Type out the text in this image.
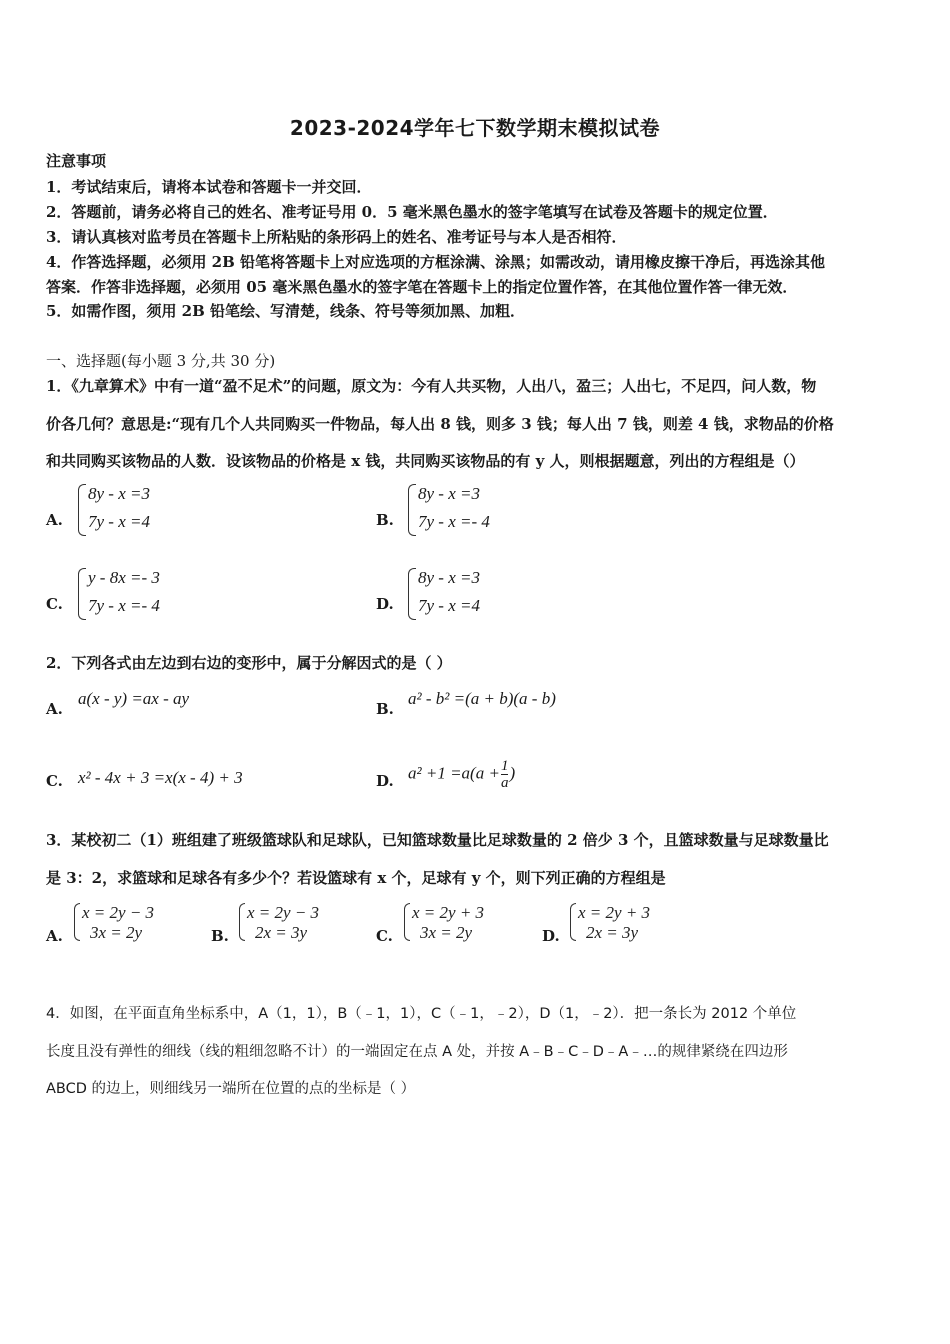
2023-2024学年七下数学期末模拟试卷
注意事项
1．考试结束后，请将本试卷和答题卡一并交回．
2．答题前，请务必将自己的姓名、准考证号用 0．5 毫米黑色墨水的签字笔填写在试卷及答题卡的规定位置．
3．请认真核对监考员在答题卡上所粘贴的条形码上的姓名、准考证号与本人是否相符．
4．作答选择题，必须用 2B 铅笔将答题卡上对应选项的方框涂满、涂黑；如需改动，请用橡皮擦干净后，再选涂其他
答案．作答非选择题，必须用 05 毫米黑色墨水的签字笔在答题卡上的指定位置作答，在其他位置作答一律无效．
5．如需作图，须用 2B 铅笔绘、写清楚，线条、符号等须加黑、加粗．
一、选择题(每小题 3 分,共 30 分)
1．《九章算术》中有一道“盈不足术”的问题，原文为：今有人共买物，人出八，盈三；人出七，不足四，问人数，物
价各几何？意思是:“现有几个人共同购买一件物品，每人出 8 钱，则多 3 钱；每人出 7 钱，则差 4 钱，求物品的价格
和共同购买该物品的人数．设该物品的价格是 x 钱，共同购买该物品的有 y 人，则根据题意，列出的方程组是（）
A.
8y - x =3
7y - x =4	B.
8y - x =3
7y - x =- 4
C.
y - 8x =- 3
7y - x =- 4	D.
8y - x =3
7y - x =4
2．下列各式由左边到右边的变形中，属于分解因式的是（ ）
A.
a(x - y) =ax - ay
B.
a² - b² =(a + b)(a - b)
C. x² - 4x + 3 =x(x - 4) + 3	D. $a^2 +1 =a(a + \frac{1}{a}$ )
3．某校初二（1）班组建了班级篮球队和足球队，已知篮球数量比足球数量的 2 倍少 3 个，且篮球数量与足球数量比
是 3：2，求篮球和足球各有多少个？若设篮球有 x 个，足球有 y 个，则下列正确的方程组是
A.
x = 2y − 3
3x = 2y	B.
x = 2y − 3
2x = 3y	C.
x = 2y + 3
3x = 2y	D.
x = 2y + 3
2x = 3y
4．如图，在平面直角坐标系中，A（1，1），B（﹣1，1），C（﹣1，﹣2），D（1，﹣2）．把一条长为 2012 个单位
长度且没有弹性的细线（线的粗细忽略不计）的一端固定在点 A 处，并按 A﹣B﹣C﹣D﹣A﹣…的规律紧绕在四边形
ABCD 的边上，则细线另一端所在位置的点的坐标是（ ）
